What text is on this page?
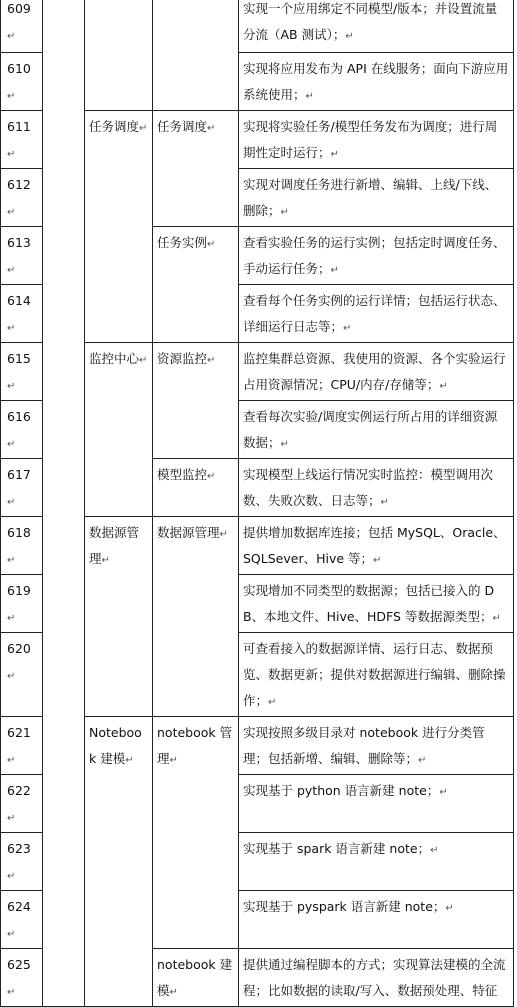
609↵				实现一个应用绑定不同模型/版本；并设置流量分流（AB 测试）；↵
610↵				实现将应用发布为 API 在线服务；面向下游应用系统使用；↵
611↵		任务调度↵	任务调度↵	实现将实验任务/模型任务发布为调度；进行周期性定时运行；↵
612↵				实现对调度任务进行新增、编辑、上线/下线、删除；↵
613↵			任务实例↵	查看实验任务的运行实例；包括定时调度任务、手动运行任务；↵
614↵				查看每个任务实例的运行详情；包括运行状态、详细运行日志等；↵
615↵		监控中心↵	资源监控↵	监控集群总资源、我使用的资源、各个实验运行占用资源情况；CPU/内存/存储等；↵
616↵				查看每次实验/调度实例运行所占用的详细资源数据；↵
617↵			模型监控↵	实现模型上线运行情况实时监控：模型调用次数、失败次数、日志等；↵
618↵		数据源管理↵	数据源管理↵	提供增加数据库连接；包括 MySQL、Oracle、SQLSever、Hive 等；↵
619↵				实现增加不同类型的数据源；包括已接入的 DB、本地文件、Hive、HDFS 等数据源类型；↵
620↵				可查看接入的数据源详情、运行日志、数据预览、数据更新；提供对数据源进行编辑、删除操作；↵
621↵		Notebook 建模↵	notebook 管理↵	实现按照多级目录对 notebook 进行分类管理；包括新增、编辑、删除等；↵
622↵				实现基于 python 语言新建 note；↵
623↵				实现基于 spark 语言新建 note；↵
624↵				实现基于 pyspark 语言新建 note；↵
625↵			notebook 建模↵	提供通过编程脚本的方式；实现算法建模的全流程；比如数据的读取/写入、数据预处理、特征
